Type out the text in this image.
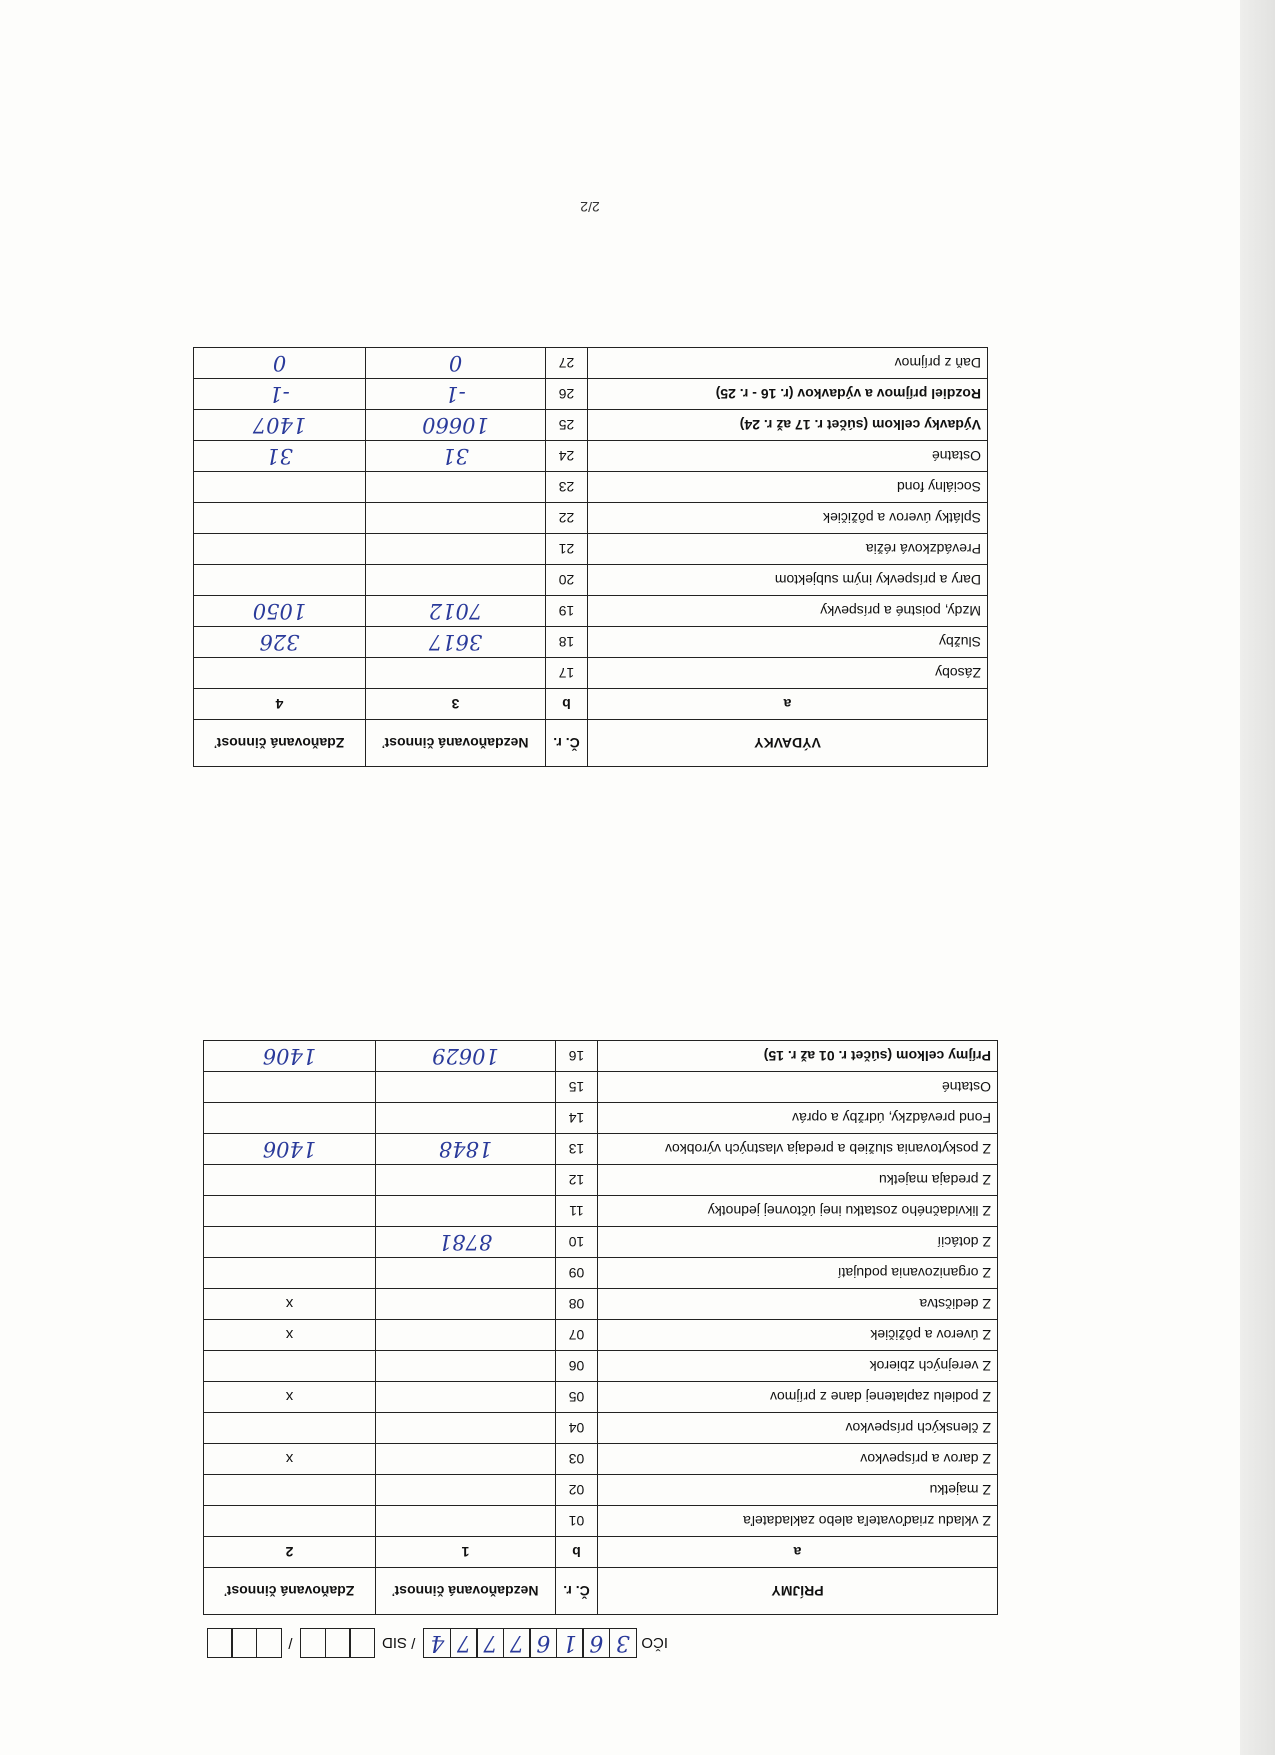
IČO
3
6
1
6
7
7
7
4
/ SID
/
PRÍJMY	Č. r.	Nezdaňovaná činnosť	Zdaňovaná činnosť
a	b	1	2
Z vkladu zriaďovateľa alebo zakladateľa	01		
Z majetku	02		
Z darov a príspevkov	03		x
Z členských príspevkov	04		
Z podielu zaplatenej dane z príjmov	05		x
Z verejných zbierok	06		
Z úverov a pôžičiek	07		x
Z dedičstva	08		x
Z organizovania podujatí	09		
Z dotácií	10	8781	
Z likvidačného zostatku inej účtovnej jednotky	11		
Z predaja majetku	12		
Z poskytovania služieb a predaja vlastných výrobkov	13	1848	1406
Fond prevádzky, údržby a opráv	14		
Ostatné	15		
Príjmy celkom (súčet r. 01 až r. 15)	16	10629	1406
VÝDAVKY	Č. r.	Nezdaňovaná činnosť	Zdaňovaná činnosť
a	b	3	4
Zásoby	17		
Služby	18	3617	326
Mzdy, poistné a príspevky	19	7012	1050
Dary a príspevky iným subjektom	20		
Prevádzková réžia	21		
Splátky úverov a pôžičiek	22		
Sociálny fond	23		
Ostatné	24	31	31
Výdavky celkom (súčet r. 17 až r. 24)	25	10660	1407
Rozdiel príjmov a výdavkov (r. 16 - r. 25)	26	-1	-1
Daň z príjmov	27	0	0
2/2
